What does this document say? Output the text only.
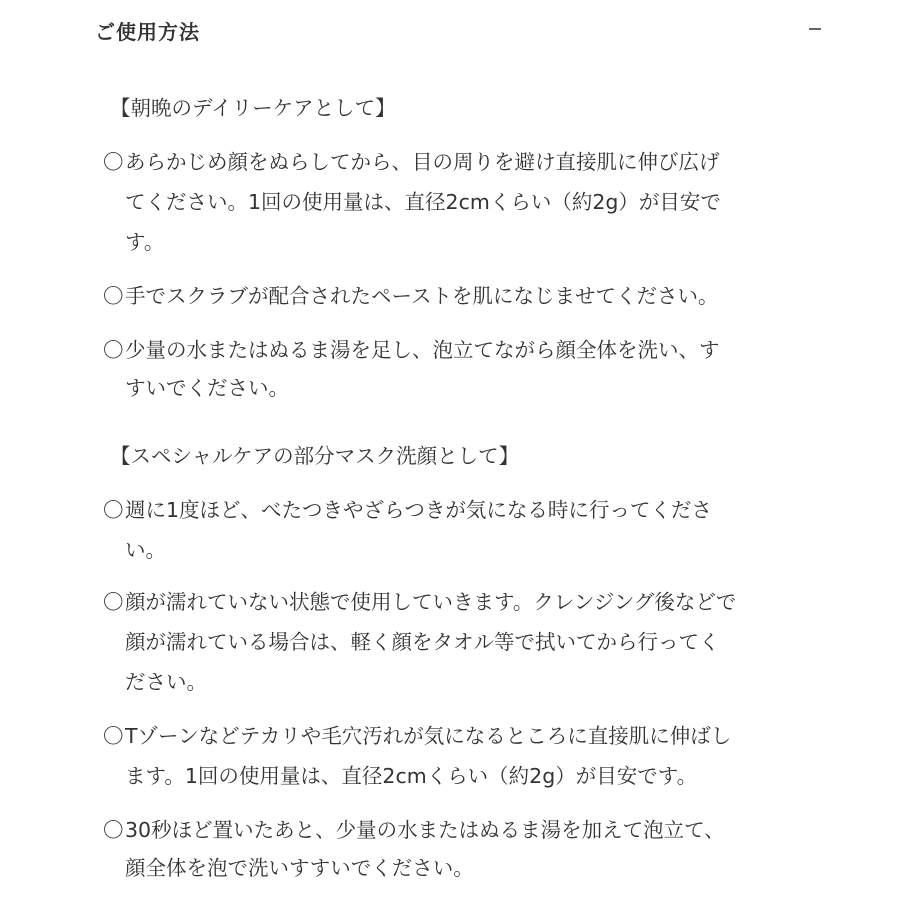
ご使用方法
【朝晩のデイリーケアとして】
〇 あらかじめ顔をぬらしてから、目の周りを避け直接肌に伸び広げ
てください。1回の使用量は、直径2cmくらい（約2g）が目安で
す。
〇 手でスクラブが配合されたペーストを肌になじませてください。
〇 少量の水またはぬるま湯を足し、泡立てながら顔全体を洗い、す
すいでください。
【スペシャルケアの部分マスク洗顔として】
〇 週に1度ほど、べたつきやざらつきが気になる時に行ってくださ
い。
〇 顔が濡れていない状態で使用していきます。クレンジング後などで
顔が濡れている場合は、軽く顔をタオル等で拭いてから行ってく
ださい。
〇 Tゾーンなどテカリや毛穴汚れが気になるところに直接肌に伸ばし
ます。1回の使用量は、直径2cmくらい（約2g）が目安です。
〇 30秒ほど置いたあと、少量の水またはぬるま湯を加えて泡立て、
顔全体を泡で洗いすすいでください。
